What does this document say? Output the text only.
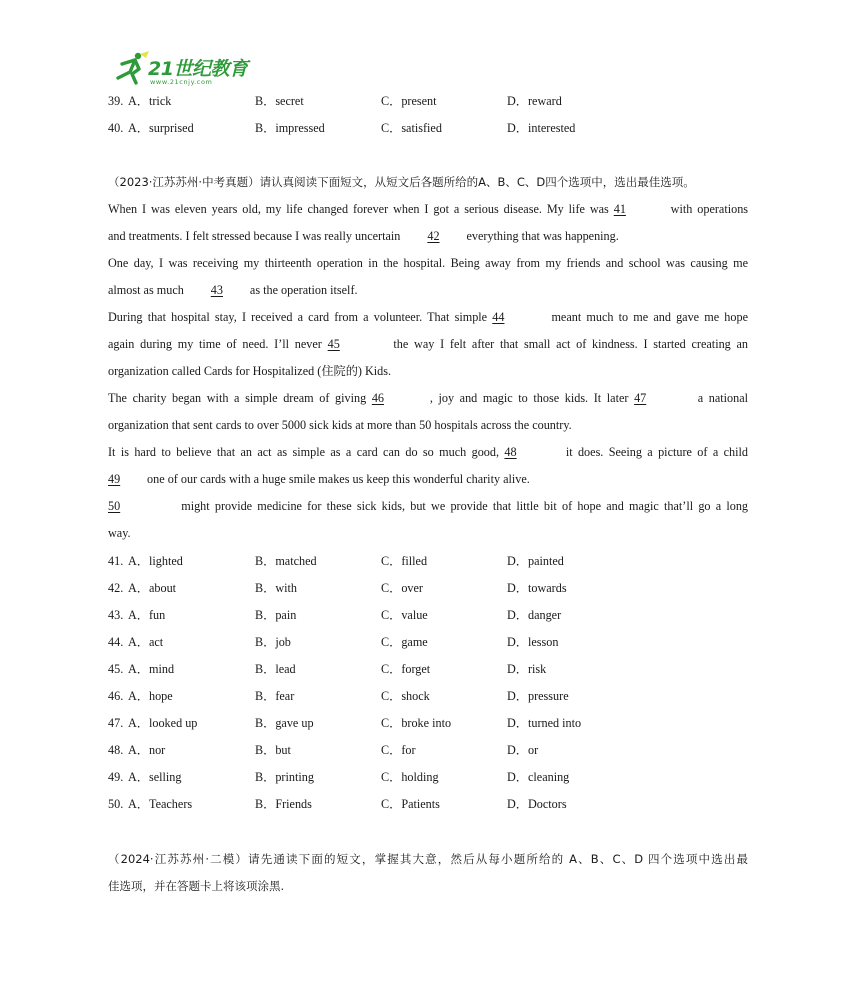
21世纪教育
www.21cnjy.com
39. A．trick	B．secret	C．present	D．reward
40. A．surprised	B．impressed	C．satisfied	D．interested
（2023·江苏苏州·中考真题）请认真阅读下面短文，从短文后各题所给的A、B、C、D四个选项中，选出最佳选项。
When I was eleven years old, my life changed forever when I got a serious disease. My life was 41	with operations
and treatments. I felt stressed because I was really uncertain 42 everything that was happening.
One day, I was receiving my thirteenth operation in the hospital. Being away from my friends and school was causing me
almost as much 43 as the operation itself.
During that hospital stay, I received a card from a volunteer. That simple 44	meant much to me and gave me hope
again during my time of need. I’ll never 45	the way I felt after that small act of kindness. I started creating an
organization called Cards for Hospitalized (住院的) Kids.
The charity began with a simple dream of giving 46	, joy and magic to those kids. It later 47	a national
organization that sent cards to over 5000 sick kids at more than 50 hospitals across the country.
It is hard to believe that an act as simple as a card can do so much good, 48	it does. Seeing a picture of a child
49 one of our cards with a huge smile makes us keep this wonderful charity alive.
50	might provide medicine for these sick kids, but we provide that little bit of hope and magic that’ll go a long
way.
41. A．lighted	B．matched	C．filled	D．painted
42. A．about	B．with	C．over	D．towards
43. A．fun	B．pain	C．value	D．danger
44. A．act	B．job	C．game	D．lesson
45. A．mind	B．lead	C．forget	D．risk
46. A．hope	B．fear	C．shock	D．pressure
47. A．looked up	B．gave up	C．broke into	D．turned into
48. A．nor	B．but	C．for	D．or
49. A．selling	B．printing	C．holding	D．cleaning
50. A．Teachers	B．Friends	C．Patients	D．Doctors
（2024·江苏苏州·二模）请先通读下面的短文，掌握其大意，然后从每小题所给的 A、B、C、D 四个选项中选出最
佳选项，并在答题卡上将该项涂黑.
